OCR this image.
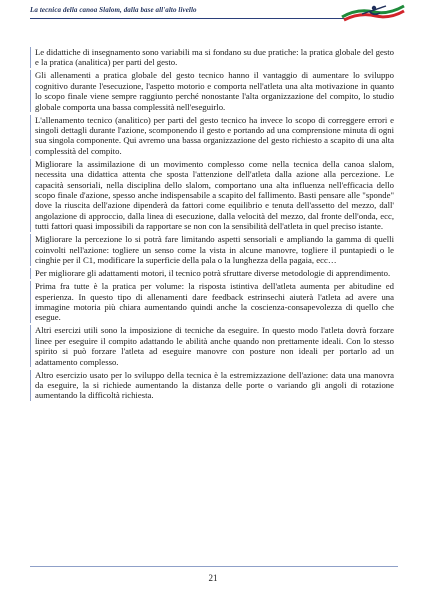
La tecnica della canoa Slalom, dalla base all'alto livello

Le didattiche di insegnamento sono variabili ma si fondano su due pratiche: la pratica globale del gesto e la pratica (analitica) per parti del gesto.

Gli allenamenti a pratica globale del gesto tecnico hanno il vantaggio di aumentare lo sviluppo cognitivo durante l'esecuzione, l'aspetto motorio e comporta nell'atleta una alta motivazione in quanto lo scopo finale viene sempre raggiunto perché nonostante l'alta organizzazione del compito, lo studio globale comporta una bassa complessità nell'eseguirlo.

L'allenamento tecnico (analitico) per parti del gesto tecnico ha invece lo scopo di correggere errori e singoli dettagli durante l'azione, scomponendo il gesto e portando ad una comprensione minuta di ogni sua singola componente. Qui avremo una bassa organizzazione del gesto richiesto a scapito di una alta complessità del compito.

Migliorare la assimilazione di un movimento complesso come nella tecnica della canoa slalom, necessita una didattica attenta che sposta l'attenzione dell'atleta dalla azione alla percezione. Le capacità sensoriali, nella disciplina dello slalom, comportano una alta influenza nell'efficacia dello scopo finale d'azione, spesso anche indispensabile a scapito del fallimento. Basti pensare alle "sponde" dove la riuscita dell'azione dipenderà da fattori come equilibrio e tenuta dell'assetto del mezzo, dall' angolazione di approccio, dalla linea di esecuzione, dalla velocità del mezzo, dal fronte dell'onda, ecc, tutti fattori quasi impossibili da rapportare se non con la sensibilità dell'atleta in quel preciso istante.

Migliorare la percezione lo si potrà fare limitando aspetti sensoriali e ampliando la gamma di quelli coinvolti nell'azione: togliere un senso come la vista in alcune manovre, togliere il puntapiedi o le cinghie per il C1, modificare la superficie della pala o la lunghezza della pagaia, ecc…

Per migliorare gli adattamenti motori, il tecnico potrà sfruttare diverse metodologie di apprendimento.

Prima fra tutte è la pratica per volume: la risposta istintiva dell'atleta aumenta per abitudine ed esperienza. In questo tipo di allenamenti dare feedback estrinsechi aiuterà l'atleta ad avere una immagine motoria più chiara aumentando quindi anche la coscienza-consapevolezza di quello che esegue.

Altri esercizi utili sono la imposizione di tecniche da eseguire. In questo modo l'atleta dovrà forzare linee per eseguire il compito adattando le abilità anche quando non prettamente ideali. Con lo stesso spirito si può forzare l'atleta ad eseguire manovre con posture non ideali per portarlo ad un adattamento complesso.

Altro esercizio usato per lo sviluppo della tecnica è la estremizzazione dell'azione: data una manovra da eseguire, la si richiede aumentando la distanza delle porte o variando gli angoli di rotazione aumentando la difficoltà richiesta.

21
